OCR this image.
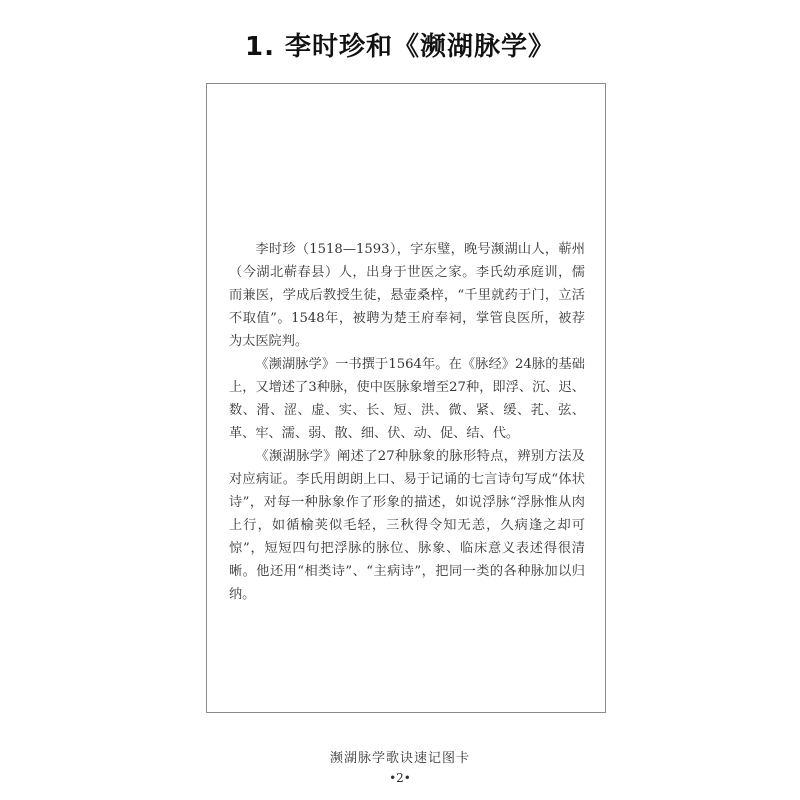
1. 李时珍和《濒湖脉学》

李时珍（1518—1593），字东璧，晚号濒湖山人，蕲州（今湖北蕲春县）人，出身于世医之家。李氏幼承庭训，儒而兼医，学成后教授生徒，悬壶桑梓，“千里就药于门，立活不取值”。1548年，被聘为楚王府奉祠，掌管良医所，被荐为太医院判。

《濒湖脉学》一书撰于1564年。在《脉经》24脉的基础上，又增述了3种脉，使中医脉象增至27种，即浮、沉、迟、数、滑、涩、虚、实、长、短、洪、微、紧、缓、芤、弦、革、牢、濡、弱、散、细、伏、动、促、结、代。

《濒湖脉学》阐述了27种脉象的脉形特点，辨别方法及对应病证。李氏用朗朗上口、易于记诵的七言诗句写成“体状诗”，对每一种脉象作了形象的描述，如说浮脉“浮脉惟从肉上行，如循榆荚似毛轻，三秋得令知无恙，久病逢之却可惊”，短短四句把浮脉的脉位、脉象、临床意义表述得很清晰。他还用“相类诗”、“主病诗”，把同一类的各种脉加以归纳。

濒湖脉学歌诀速记图卡
•2•
